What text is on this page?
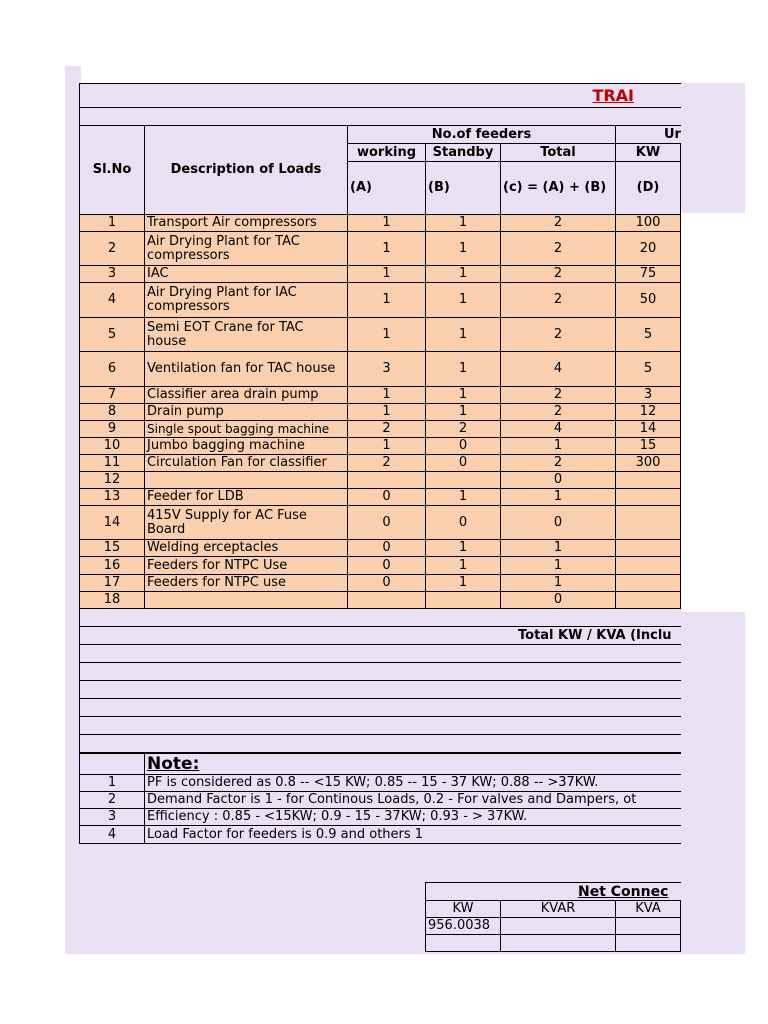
TRAI						

Sl.No	Description of Loads	No.of feeders			Ur	
		working	Standby	Total	KW	
		(A)	(B)	(c) = (A) + (B)	(D)	
1	Transport Air compressors	1	1	2	100	
2	Air Drying Plant for TAC compressors	1	1	2	20	
3	IAC	1	1	2	75	
4	Air Drying Plant for IAC compressors	1	1	2	50	
5	Semi EOT Crane for TAC house	1	1	2	5	
6	Ventilation fan for TAC house	3	1	4	5	
7	Classifier area drain pump	1	1	2	3	
8	Drain pump	1	1	2	12	
9	Single spout bagging machine	2	2	4	14	
10	Jumbo bagging machine	1	0	1	15	
11	Circulation Fan for classifier	2	0	2	300	
12				0		
13	Feeder for LDB	0	1	1		
14	415V Supply for AC Fuse Board	0	0	0		
15	Welding erceptacles	0	1	1		
16	Feeders for NTPC Use	0	1	1		
17	Feeders for NTPC use	0	1	1		
18				0		

Total KW / KVA (Inclu						

	Note:					
1	PF is considered as 0.8 -- <15 KW; 0.85 -- 15 - 37 KW; 0.88 -- >37KW.					
2	Demand Factor is 1 - for Continous Loads, 0.2 - For valves and Dampers, ot					
3	Efficiency : 0.85 - <15KW; 0.9 - 15 - 37KW; 0.93 - > 37KW.					
4	Load Factor for feeders is 0.9 and others 1					
Net Connec			
KW	KVAR	KVA	
956.0038			
